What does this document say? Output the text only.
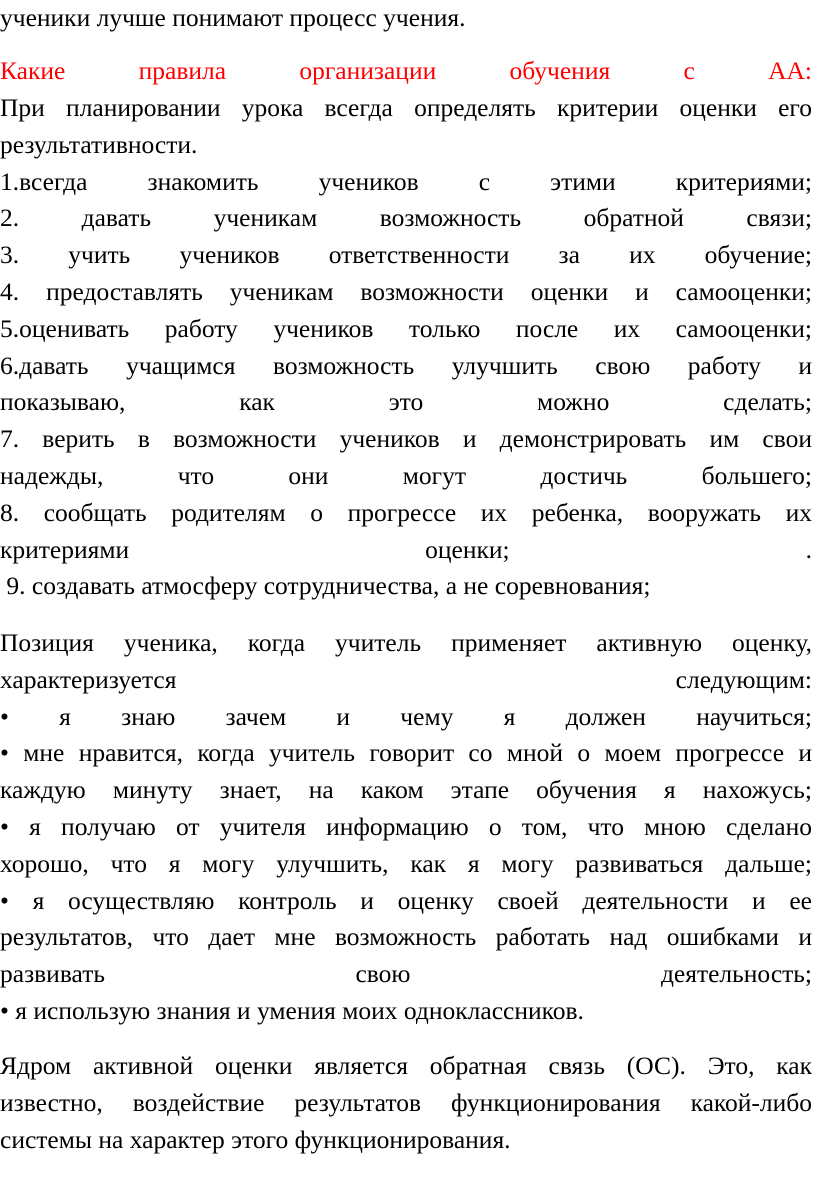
ученики лучше понимают процесс учения.
Какие правила организации обучения с АА:
При планировании урока всегда определять критерии оценки его
результативности.
1.всегда знакомить учеников с этими критериями;
2. давать ученикам возможность обратной связи;
3. учить учеников ответственности за их обучение;
4. предоставлять ученикам возможности оценки и самооценки;
5.оценивать работу учеников только после их самооценки;
6.давать учащимся возможность улучшить свою работу и
показываю, как это можно сделать;
7. верить в возможности учеников и демонстрировать им свои
надежды, что они могут достичь большего;
8. сообщать родителям о прогрессе их ребенка, вооружать их
критериями оценки; .
9. создавать атмосферу сотрудничества, а не соревнования;
Позиция ученика, когда учитель применяет активную оценку,
характеризуется следующим:
• я знаю зачем и чему я должен научиться;
• мне нравится, когда учитель говорит со мной о моем прогрессе и
каждую минуту знает, на каком этапе обучения я нахожусь;
• я получаю от учителя информацию о том, что мною сделано
хорошо, что я могу улучшить, как я могу развиваться дальше;
• я осуществляю контроль и оценку своей деятельности и ее
результатов, что дает мне возможность работать над ошибками и
развивать свою деятельность;
• я использую знания и умения моих одноклассников.
Ядром активной оценки является обратная связь (ОС). Это, как
известно, воздействие результатов функционирования какой-либо
системы на характер этого функционирования.
